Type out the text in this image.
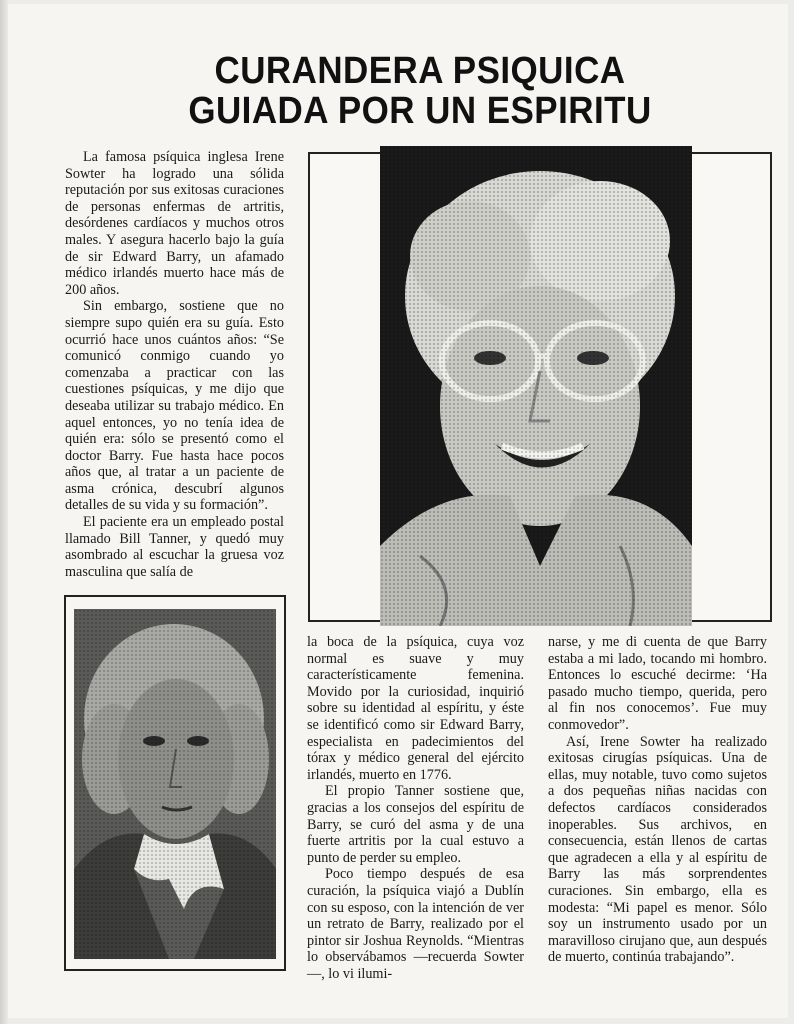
CURANDERA PSIQUICA
GUIADA POR UN ESPIRITU

La famosa psíquica inglesa Irene Sowter ha logrado una sólida reputación por sus exitosas curaciones de personas enfermas de artritis, desórdenes cardíacos y muchos otros males. Y asegura hacerlo bajo la guía de sir Edward Barry, un afamado médico irlandés muerto hace más de 200 años.

Sin embargo, sostiene que no siempre supo quién era su guía. Esto ocurrió hace unos cuántos años: “Se comunicó conmigo cuando yo comenzaba a practicar con las cuestiones psíquicas, y me dijo que deseaba utilizar su trabajo médico. En aquel entonces, yo no tenía idea de quién era: sólo se presentó como el doctor Barry. Fue hasta hace pocos años que, al tratar a un paciente de asma crónica, descubrí algunos detalles de su vida y su formación”.

El paciente era un empleado postal llamado Bill Tanner, y quedó muy asombrado al escuchar la gruesa voz masculina que salía de

la boca de la psíquica, cuya voz normal es suave y muy característicamente femenina. Movido por la curiosidad, inquirió sobre su identidad al espíritu, y éste se identificó como sir Edward Barry, especialista en padecimientos del tórax y médico general del ejército irlandés, muerto en 1776.

El propio Tanner sostiene que, gracias a los consejos del espíritu de Barry, se curó del asma y de una fuerte artritis por la cual estuvo a punto de perder su empleo.

Poco tiempo después de esa curación, la psíquica viajó a Dublín con su esposo, con la intención de ver un retrato de Barry, realizado por el pintor sir Joshua Reynolds. “Mientras lo observábamos —recuerda Sowter—, lo vi ilumi-

narse, y me di cuenta de que Barry estaba a mi lado, tocando mi hombro. Entonces lo escuché decirme: ‘Ha pasado mucho tiempo, querida, pero al fin nos conocemos’. Fue muy conmovedor”.

Así, Irene Sowter ha realizado exitosas cirugías psíquicas. Una de ellas, muy notable, tuvo como sujetos a dos pequeñas niñas nacidas con defectos cardíacos considerados inoperables. Sus archivos, en consecuencia, están llenos de cartas que agradecen a ella y al espíritu de Barry las más sorprendentes curaciones. Sin embargo, ella es modesta: “Mi papel es menor. Sólo soy un instrumento usado por un maravilloso cirujano que, aun después de muerto, continúa trabajando”.
